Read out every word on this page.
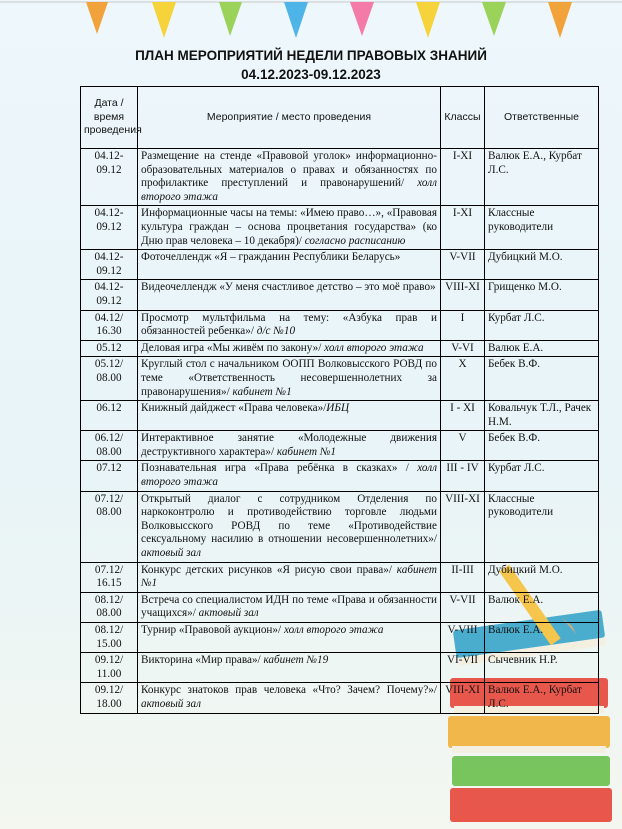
ПЛАН МЕРОПРИЯТИЙ НЕДЕЛИ ПРАВОВЫХ ЗНАНИЙ
04.12.2023-09.12.2023
Дата / время проведения	Мероприятие / место проведения	Классы	Ответственные
04.12-09.12	Размещение на стенде «Правовой уголок» информационно-образовательных материалов о правах и обязанностях по профилактике преступлений и правонарушений/ холл второго этажа	I-XI	Валюк Е.А., Курбат Л.С.
04.12-09.12	Информационные часы на темы: «Имею право…», «Правовая культура граждан – основа процветания государства» (ко Дню прав человека – 10 декабря)/ согласно расписанию	I-XI	Классные руководители
04.12-09.12	Фоточеллендж «Я – гражданин Республики Беларусь»	V-VII	Дубицкий М.О.
04.12-09.12	Видеочеллендж «У меня счастливое детство – это моё право»	VIII-XI	Грищенко М.О.
04.12/ 16.30	Просмотр мультфильма на тему: «Азбука прав и обязанностей ребенка»/ д/с №10	I	Курбат Л.С.
05.12	Деловая игра «Мы живём по закону»/ холл второго этажа	V-VI	Валюк Е.А.
05.12/ 08.00	Круглый стол с начальником ООПП Волковысского РОВД по теме «Ответственность несовершеннолетних за правонарушения»/ кабинет №1	X	Бебек В.Ф.
06.12	Книжный дайджест «Права человека»/ИБЦ	I - XI	Ковальчук Т.Л., Рачек Н.М.
06.12/ 08.00	Интерактивное занятие «Молодежные движения деструктивного характера»/ кабинет №1	V	Бебек В.Ф.
07.12	Познавательная игра «Права ребёнка в сказках» / холл второго этажа	III - IV	Курбат Л.С.
07.12/ 08.00	Открытый диалог с сотрудником Отделения по наркоконтролю и противодействию торговле людьми Волковысского РОВД по теме «Противодействие сексуальному насилию в отношении несовершеннолетних»/ актовый зал	VIII-XI	Классные руководители
07.12/ 16.15	Конкурс детских рисунков «Я рисую свои права»/ кабинет №1	II-III	Дубицкий М.О.
08.12/ 08.00	Встреча со специалистом ИДН по теме «Права и обязанности учащихся»/ актовый зал	V-VII	Валюк Е.А.
08.12/ 15.00	Турнир «Правовой аукцион»/ холл второго этажа	V-VIII	Валюк Е.А.
09.12/ 11.00	Викторина «Мир права»/ кабинет №19	VI-VII	Сычевник Н.Р.
09.12/ 18.00	Конкурс знатоков прав человека «Что? Зачем? Почему?»/ актовый зал	VIII-XI	Валюк Е.А., Курбат Л.С.
